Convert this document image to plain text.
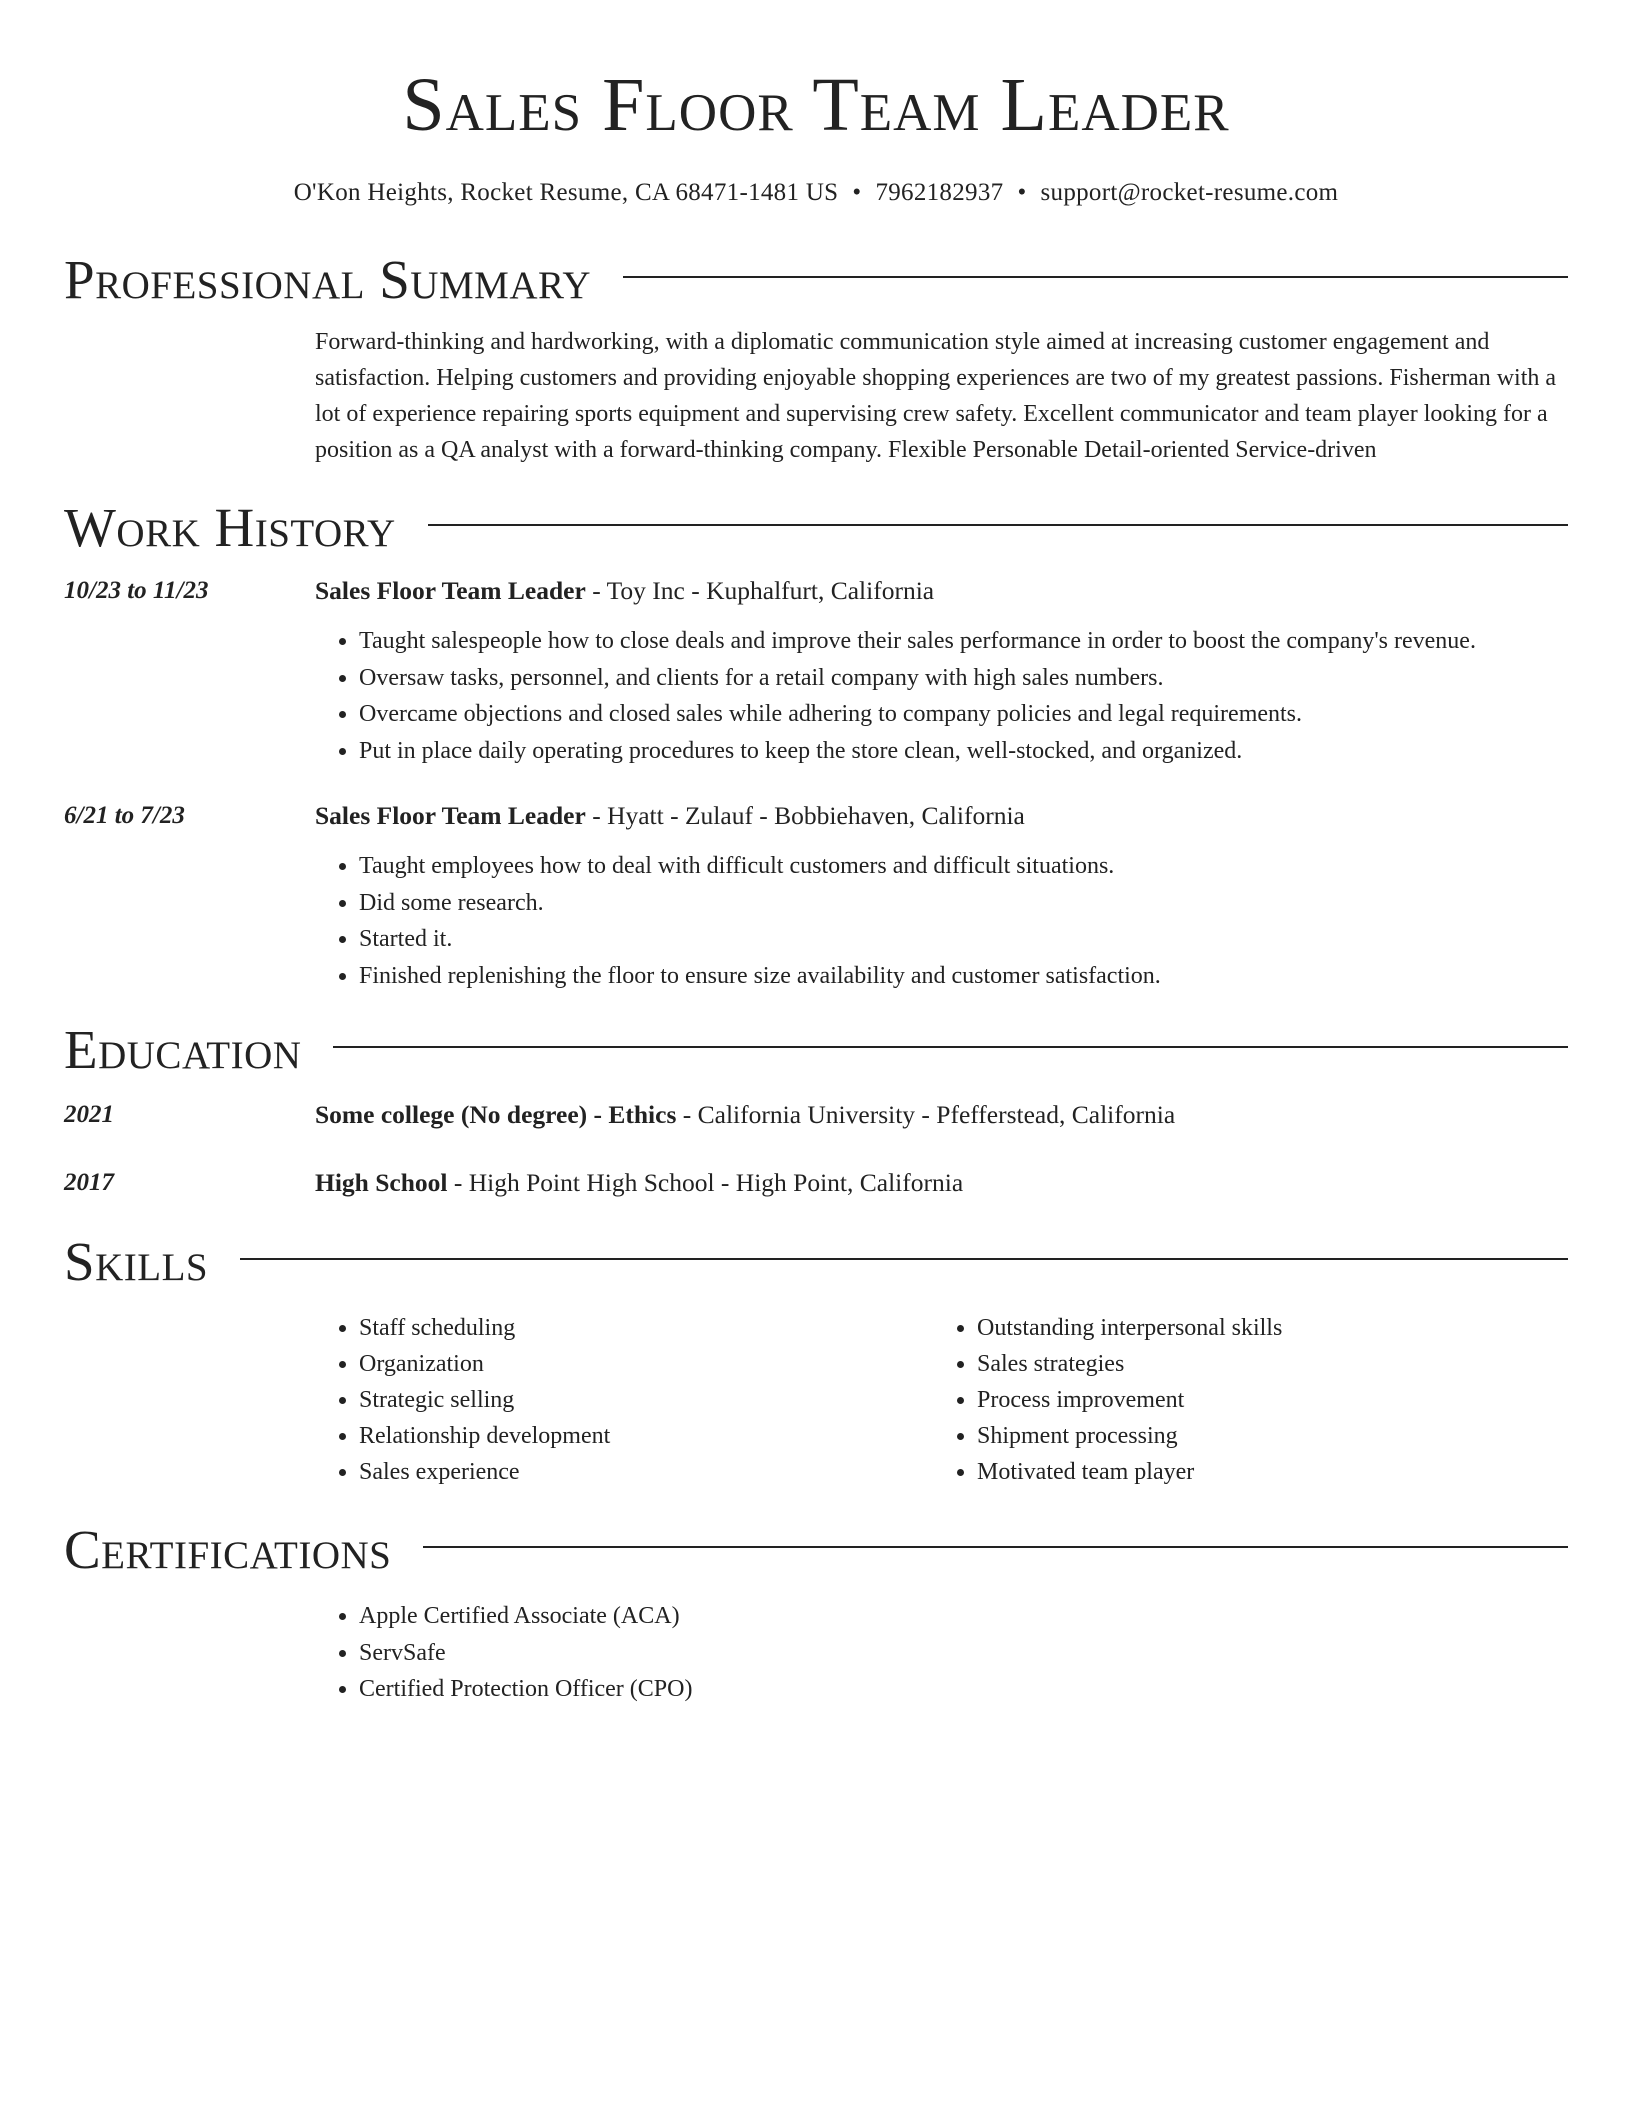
Sales Floor Team Leader
O'Kon Heights, Rocket Resume, CA 68471-1481 US • 7962182937 • support@rocket-resume.com
Professional Summary
Forward-thinking and hardworking, with a diplomatic communication style aimed at increasing customer engagement and satisfaction. Helping customers and providing enjoyable shopping experiences are two of my greatest passions. Fisherman with a lot of experience repairing sports equipment and supervising crew safety. Excellent communicator and team player looking for a position as a QA analyst with a forward-thinking company. Flexible Personable Detail-oriented Service-driven
Work History
10/23 to 11/23	Sales Floor Team Leader - Toy Inc - Kuphalfurt, California
• Taught salespeople how to close deals and improve their sales performance in order to boost the company's revenue.
• Oversaw tasks, personnel, and clients for a retail company with high sales numbers.
• Overcame objections and closed sales while adhering to company policies and legal requirements.
• Put in place daily operating procedures to keep the store clean, well-stocked, and organized.
6/21 to 7/23	Sales Floor Team Leader - Hyatt - Zulauf - Bobbiehaven, California
• Taught employees how to deal with difficult customers and difficult situations.
• Did some research.
• Started it.
• Finished replenishing the floor to ensure size availability and customer satisfaction.
Education
2021	Some college (No degree) - Ethics - California University - Pfefferstead, California
2017	High School - High Point High School - High Point, California
Skills
• Staff scheduling
• Organization
• Strategic selling
• Relationship development
• Sales experience
• Outstanding interpersonal skills
• Sales strategies
• Process improvement
• Shipment processing
• Motivated team player
Certifications
• Apple Certified Associate (ACA)
• ServSafe
• Certified Protection Officer (CPO)
